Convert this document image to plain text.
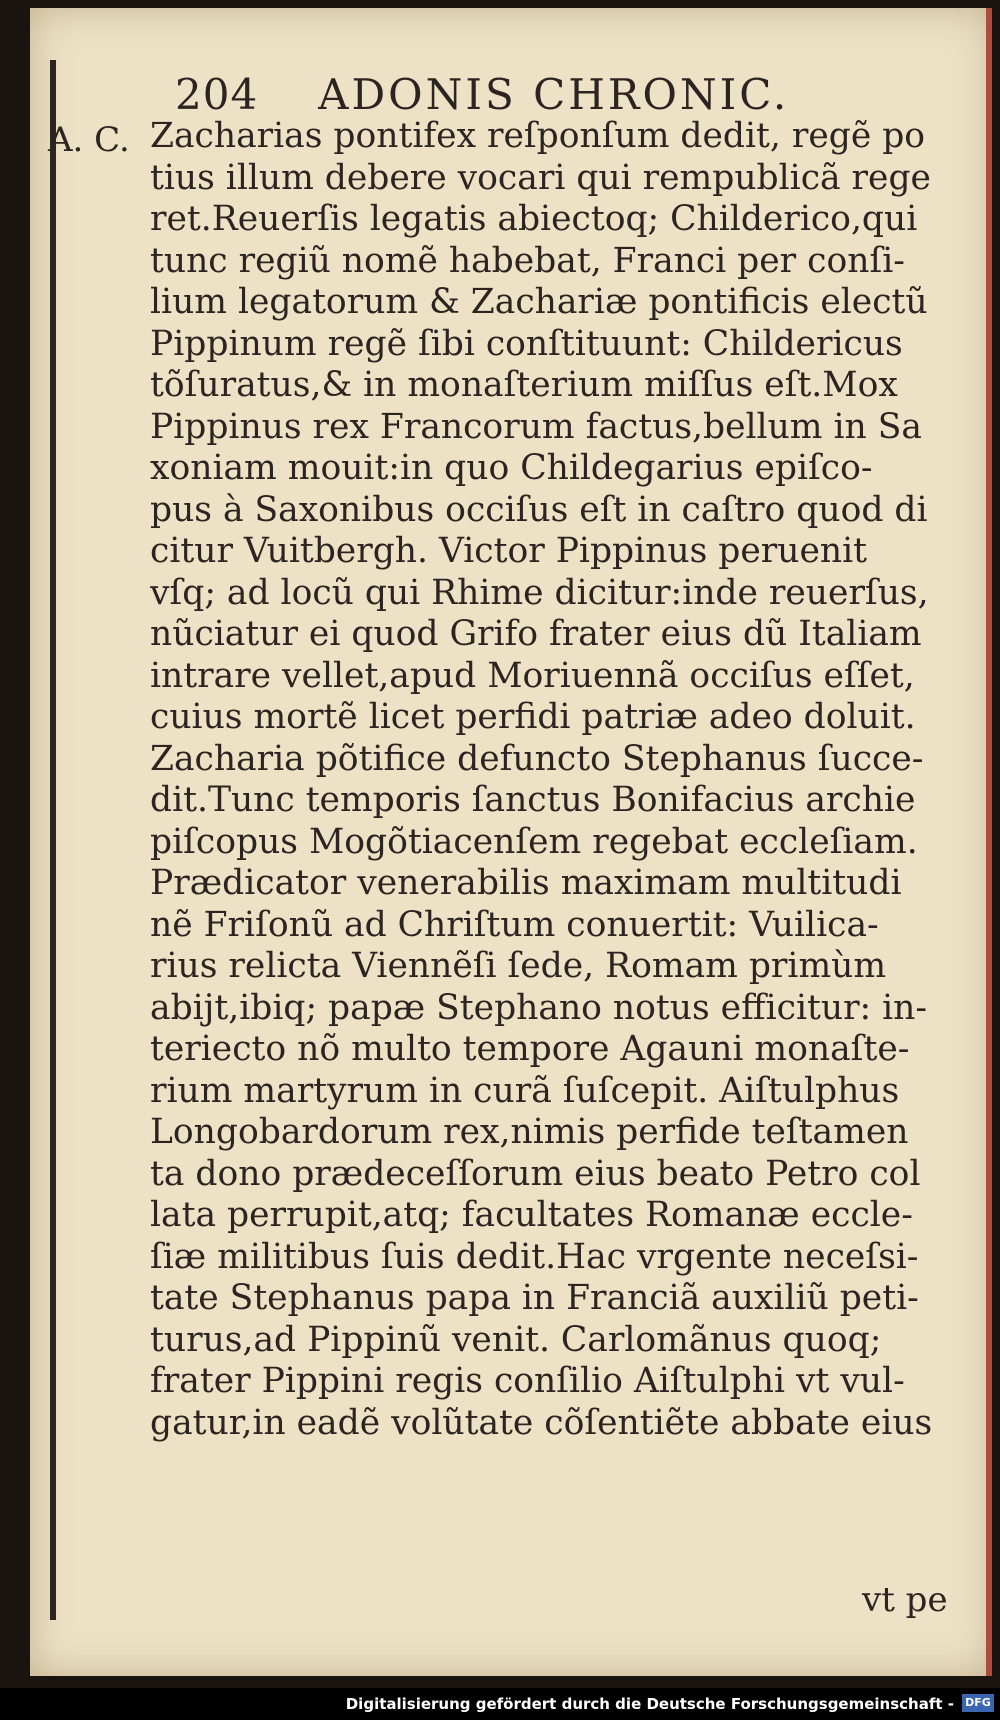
204 ADONIS CHRONIC.
A. C. Zacharias pontifex reſponſum dedit, regẽ po
tius illum debere vocari qui rempublicã rege
ret.Reuerſis legatis abiectoq; Childerico,qui
tunc regiũ nomẽ habebat, Franci per conſi-
lium legatorum & Zachariæ pontificis electũ
Pippinum regẽ ſibi conſtituunt: Childericus
tõſuratus,& in monaſterium miſſus eſt.Mox
Pippinus rex Francorum factus,bellum in Sa
xoniam mouit:in quo Childegarius epiſco-
pus à Saxonibus occiſus eſt in caſtro quod di
citur Vuitbergh. Victor Pippinus peruenit
vſq; ad locũ qui Rhime dicitur:inde reuerſus,
nũciatur ei quod Grifo frater eius dũ Italiam
intrare vellet,apud Moriuennã occiſus eſſet,
cuius mortẽ licet perfidi patriæ adeo doluit.
Zacharia põtifice defuncto Stephanus ſucce-
dit.Tunc temporis ſanctus Bonifacius archie
piſcopus Mogõtiacenſem regebat eccleſiam.
Prædicator venerabilis maximam multitudi
nẽ Friſonũ ad Chriſtum conuertit: Vuilica-
rius relicta Viennẽſi ſede, Romam primùm
abijt,ibiq; papæ Stephano notus efficitur: in-
teriecto nõ multo tempore Agauni monaſte-
rium martyrum in curã ſuſcepit. Aiſtulphus
Longobardorum rex,nimis perfide teſtamen
ta dono prædeceſſorum eius beato Petro col
lata perrupit,atq; facultates Romanæ eccle-
ſiæ militibus ſuis dedit.Hac vrgente neceſsi-
tate Stephanus papa in Franciã auxiliũ peti-
turus,ad Pippinũ venit. Carlomãnus quoq;
frater Pippini regis conſilio Aiſtulphi vt vul-
gatur,in eadẽ volũtate cõſentiẽte abbate eius
vt pe
Digitalisierung gefördert durch die Deutsche Forschungsgemeinschaft - DFG
